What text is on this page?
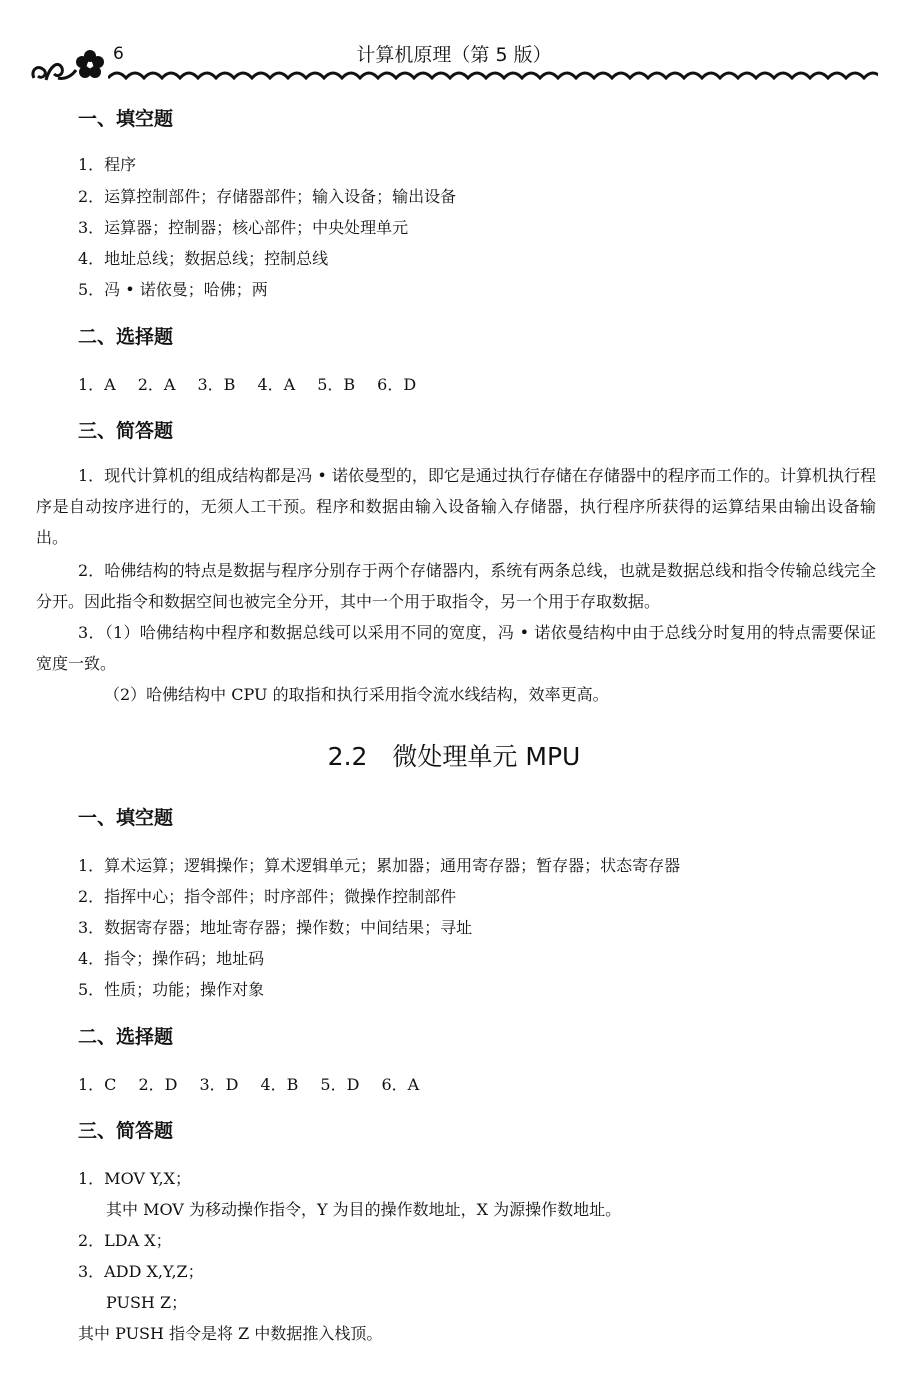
6	计算机原理（第 5 版）
一、填空题
1．程序
2．运算控制部件；存储器部件；输入设备；输出设备
3．运算器；控制器；核心部件；中央处理单元
4．地址总线；数据总线；控制总线
5．冯 • 诺依曼；哈佛；两
二、选择题
1．A 2．A 3．B 4．A 5．B 6．D
三、简答题
1．现代计算机的组成结构都是冯 • 诺依曼型的，即它是通过执行存储在存储器中的程序而工作的。计算机执行程序是自动按序进行的，无须人工干预。程序和数据由输入设备输入存储器，执行程序所获得的运算结果由输出设备输出。
2．哈佛结构的特点是数据与程序分别存于两个存储器内，系统有两条总线，也就是数据总线和指令传输总线完全分开。因此指令和数据空间也被完全分开，其中一个用于取指令，另一个用于存取数据。
3．（1）哈佛结构中程序和数据总线可以采用不同的宽度，冯 • 诺依曼结构中由于总线分时复用的特点需要保证宽度一致。
（2）哈佛结构中 CPU 的取指和执行采用指令流水线结构，效率更高。
2.2　微处理单元 MPU
一、填空题
1．算术运算；逻辑操作；算术逻辑单元；累加器；通用寄存器；暂存器；状态寄存器
2．指挥中心；指令部件；时序部件；微操作控制部件
3．数据寄存器；地址寄存器；操作数；中间结果；寻址
4．指令；操作码；地址码
5．性质；功能；操作对象
二、选择题
1．C 2．D 3．D 4．B 5．D 6．A
三、简答题
1．MOV Y,X；
其中 MOV 为移动操作指令，Y 为目的操作数地址，X 为源操作数地址。
2．LDA X；
3．ADD X,Y,Z；
PUSH Z；
其中 PUSH 指令是将 Z 中数据推入栈顶。
